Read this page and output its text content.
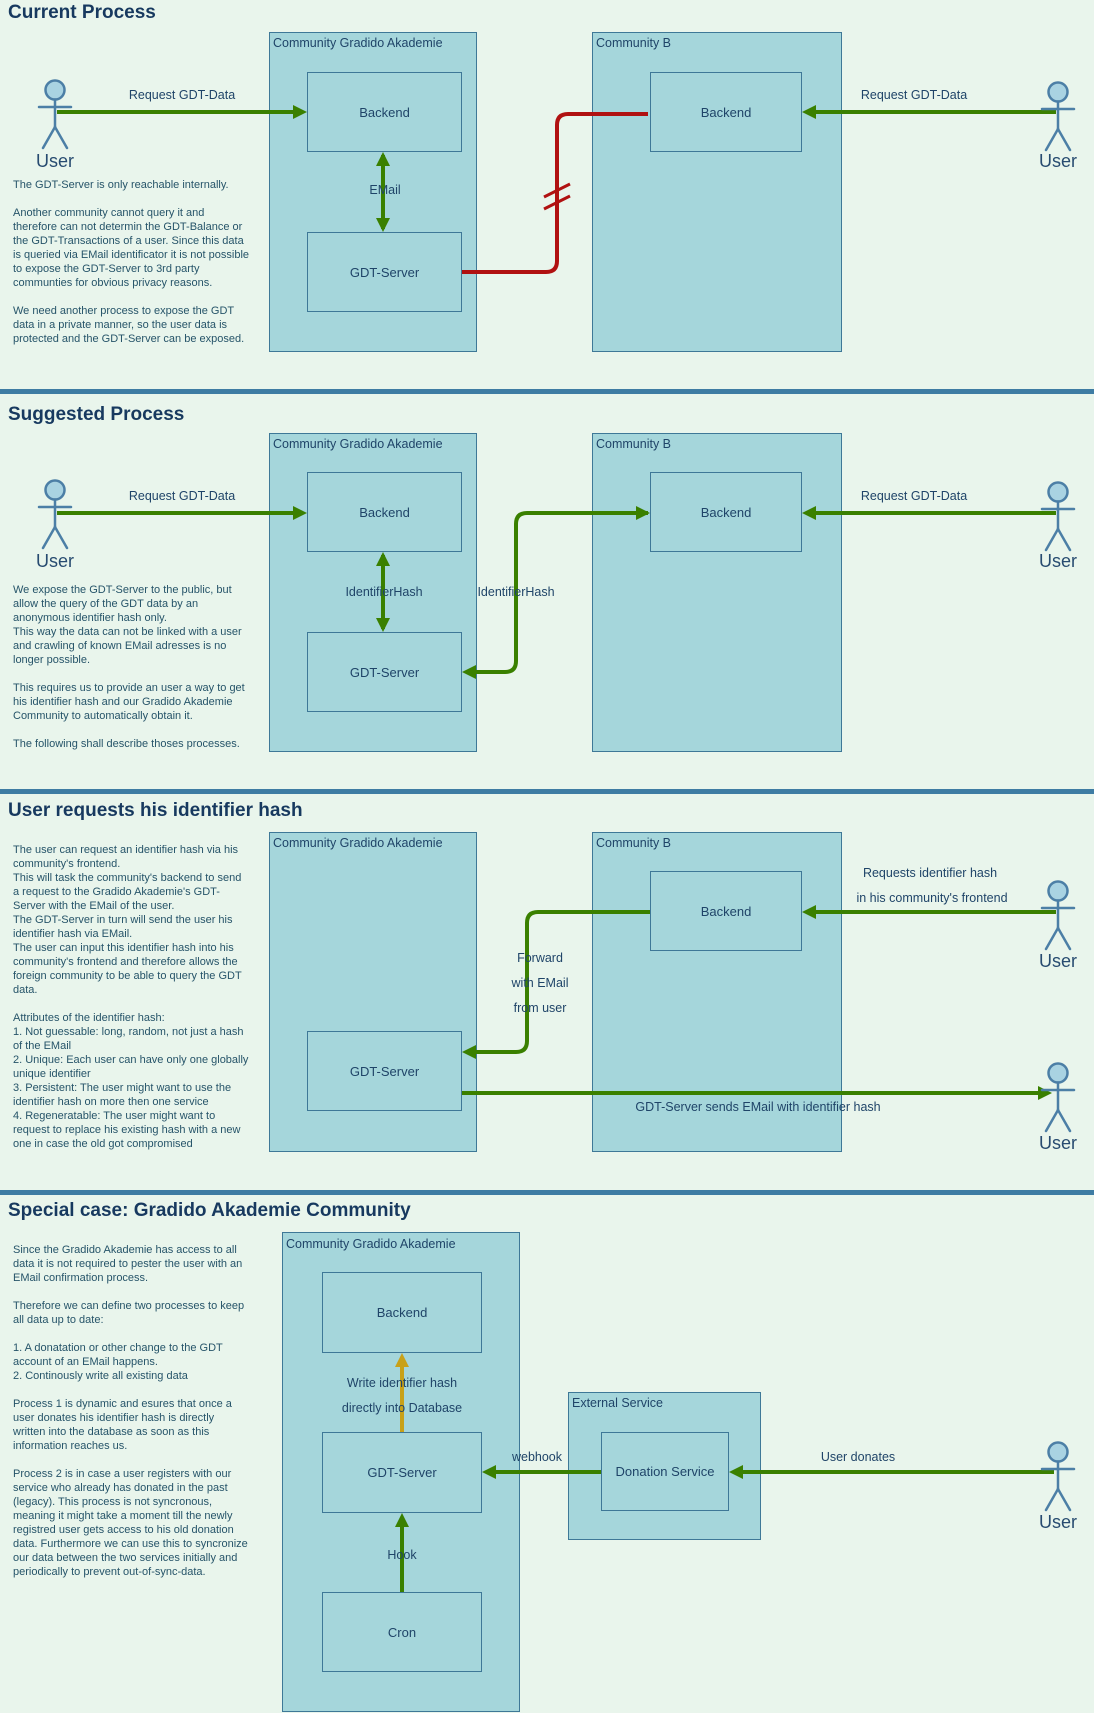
Current Process
Backend
GDT-Server
Backend
The GDT-Server is only reachable internally.

Another community cannot query it and
therefore can not determin the GDT-Balance or
the GDT-Transactions of a user. Since this data
is queried via EMail identificator it is not possible
to expose the GDT-Server to 3rd party
communties for obvious privacy reasons.

We need another process to expose the GDT
data in a private manner, so the user data is
protected and the GDT-Server can be exposed.
Suggested Process
Backend
GDT-Server
Backend
We expose the GDT-Server to the public, but
allow the query of the GDT data by an
anonymous identifier hash only.
This way the data can not be linked with a user
and crawling of known EMail adresses is no
longer possible.

This requires us to provide an user a way to get
his identifier hash and our Gradido Akademie
Community to automatically obtain it.

The following shall describe thoses processes.
User requests his identifier hash
GDT-Server
Backend
The user can request an identifier hash via his
community's frontend.
This will task the community's backend to send
a request to the Gradido Akademie's GDT-
Server with the EMail of the user.
The GDT-Server in turn will send the user his
identifier hash via EMail.
The user can input this identifier hash into his
community's frontend and therefore allows the
foreign community to be able to query the GDT
data.

Attributes of the identifier hash:
1. Not guessable: long, random, not just a hash
of the EMail
2. Unique: Each user can have only one globally
unique identifier
3. Persistent: The user might want to use the
identifier hash on more then one service
4. Regeneratable: The user might want to
request to replace his existing hash with a new
one in case the old got compromised
Special case: Gradido Akademie Community
Backend
GDT-Server
Cron
Donation Service
Since the Gradido Akademie has access to all
data it is not required to pester the user with an
EMail confirmation process.

Therefore we can define two processes to keep
all data up to date:

1. A donatation or other change to the GDT
account of an EMail happens.
2. Continously write all existing data

Process 1 is dynamic and esures that once a
user donates his identifier hash is directly
written into the database as soon as this
information reaches us.

Process 2 is in case a user registers with our
service who already has donated in the past
(legacy). This process is not syncronous,
meaning it might take a moment till the newly
registred user gets access to his old donation
data. Furthermore we can use this to syncronize
our data between the two services initially and
periodically to prevent out-of-sync-data.
Community Gradido Akademie	Community B
Community Gradido Akademie	Community B
Community Gradido Akademie	Community B
Community Gradido Akademie
External Service
Request GDT-Data	Request GDT-Data
EMail
User	User
Request GDT-Data	Request GDT-Data
IdentifierHash	IdentifierHash
User	User
Requests identifier hash
in his community's frontend
Forward
with EMail
from user
GDT-Server sends EMail with identifier hash
User
User
Write identifier hash
directly into Database
Hook
webhook	User donates
User
